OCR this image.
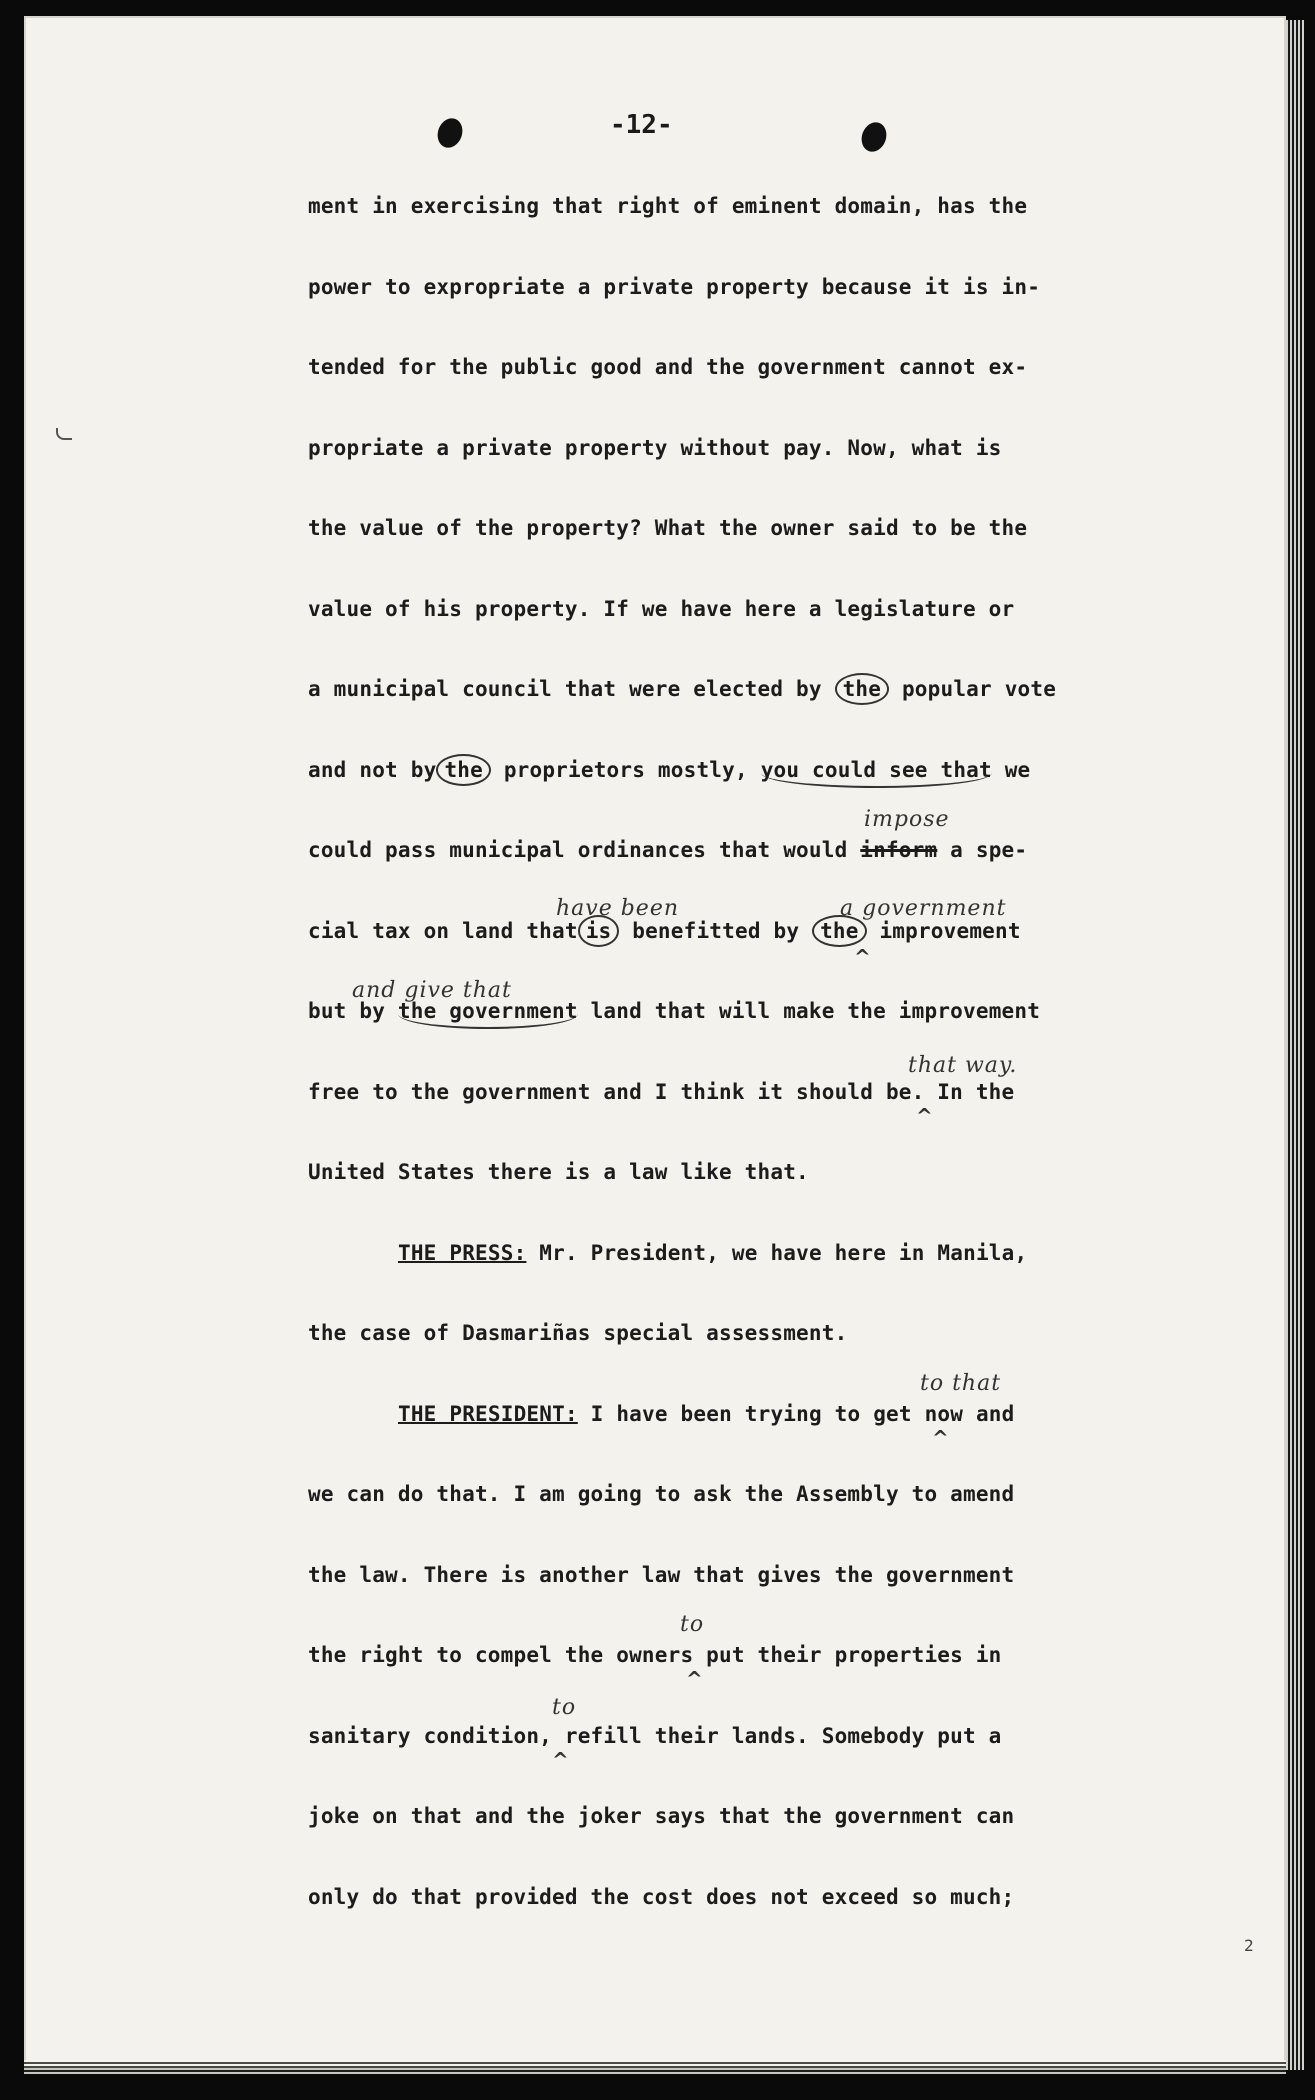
2
-12-
ment in exercising that right of eminent domain, has the
power to expropriate a private property because it is in-
tended for the public good and the government cannot ex-
propriate a private property without pay. Now, what is
the value of the property? What the owner said to be the
value of his property. If we have here a legislature or
a municipal council that were elected by the popular vote
and not by the proprietors mostly, you could see that we
impose
could pass municipal ordinances that would inform a spe-
have been	a government
^
cial tax on land that is benefitted by the improvement
and give that
but by the government land that will make the improvement
that way.
^
free to the government and I think it should be. In the
United States there is a law like that.
THE PRESS: Mr. President, we have here in Manila,
the case of Dasmariñas special assessment.
to that
^
THE PRESIDENT: I have been trying to get now and
we can do that. I am going to ask the Assembly to amend
the law. There is another law that gives the government
to
^
the right to compel the owners put their properties in
to
^
sanitary condition, refill their lands. Somebody put a
joke on that and the joker says that the government can
only do that provided the cost does not exceed so much;
